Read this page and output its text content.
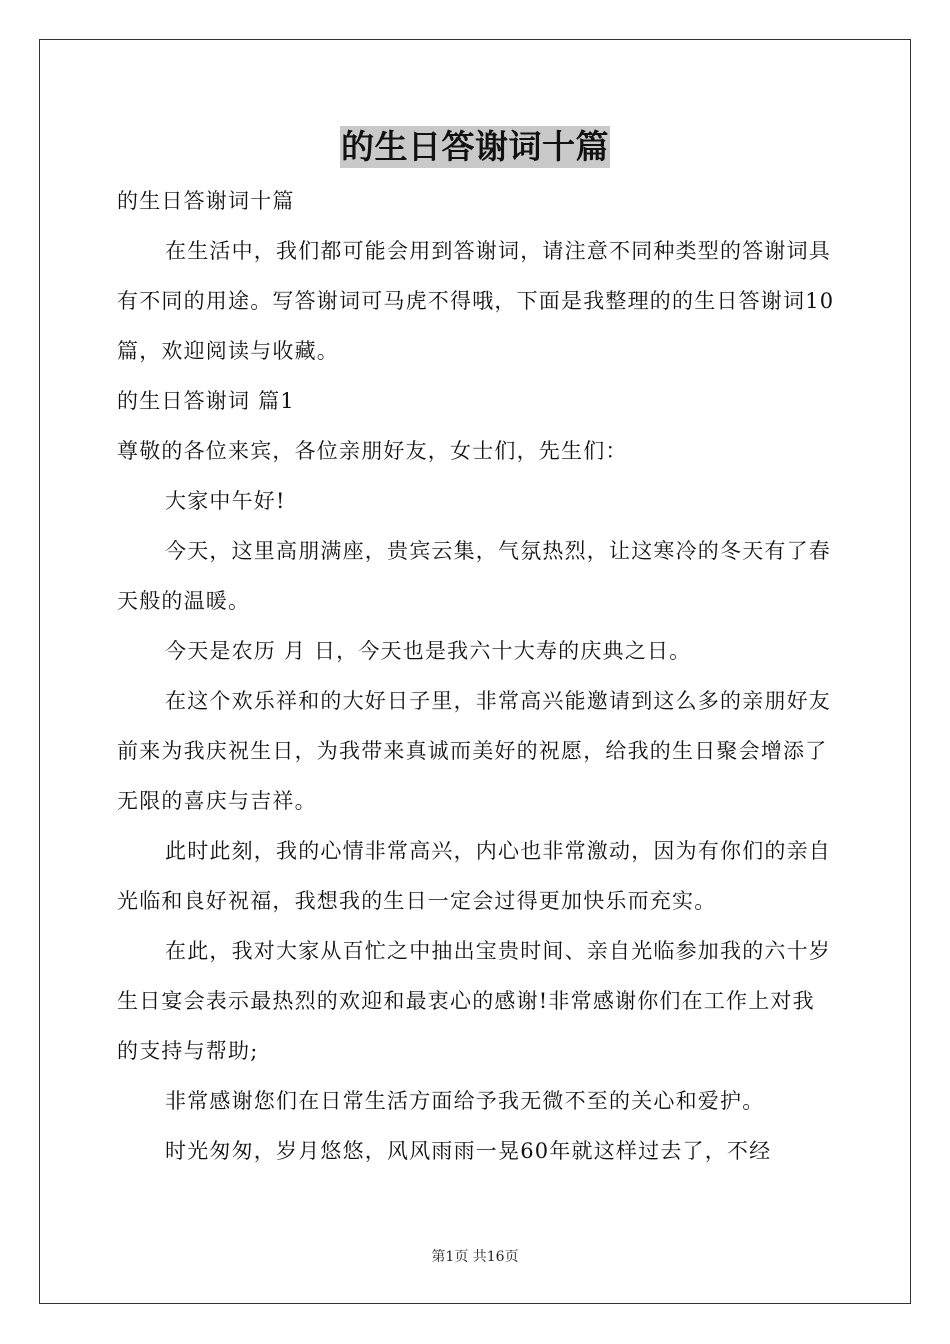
的生日答谢词十篇

的生日答谢词十篇

在生活中，我们都可能会用到答谢词，请注意不同种类型的答谢词具有不同的用途。写答谢词可马虎不得哦，下面是我整理的的生日答谢词10篇，欢迎阅读与收藏。

的生日答谢词 篇1

尊敬的各位来宾，各位亲朋好友，女士们，先生们：

大家中午好!

今天，这里高朋满座，贵宾云集，气氛热烈，让这寒冷的冬天有了春天般的温暖。

今天是农历 月 日，今天也是我六十大寿的庆典之日。

在这个欢乐祥和的大好日子里，非常高兴能邀请到这么多的亲朋好友前来为我庆祝生日，为我带来真诚而美好的祝愿，给我的生日聚会增添了无限的喜庆与吉祥。

此时此刻，我的心情非常高兴，内心也非常激动，因为有你们的亲自光临和良好祝福，我想我的生日一定会过得更加快乐而充实。

在此，我对大家从百忙之中抽出宝贵时间、亲自光临参加我的六十岁生日宴会表示最热烈的欢迎和最衷心的感谢!非常感谢你们在工作上对我的支持与帮助;

非常感谢您们在日常生活方面给予我无微不至的关心和爱护。

时光匆匆，岁月悠悠，风风雨雨一晃60年就这样过去了，不经

第1页 共16页
